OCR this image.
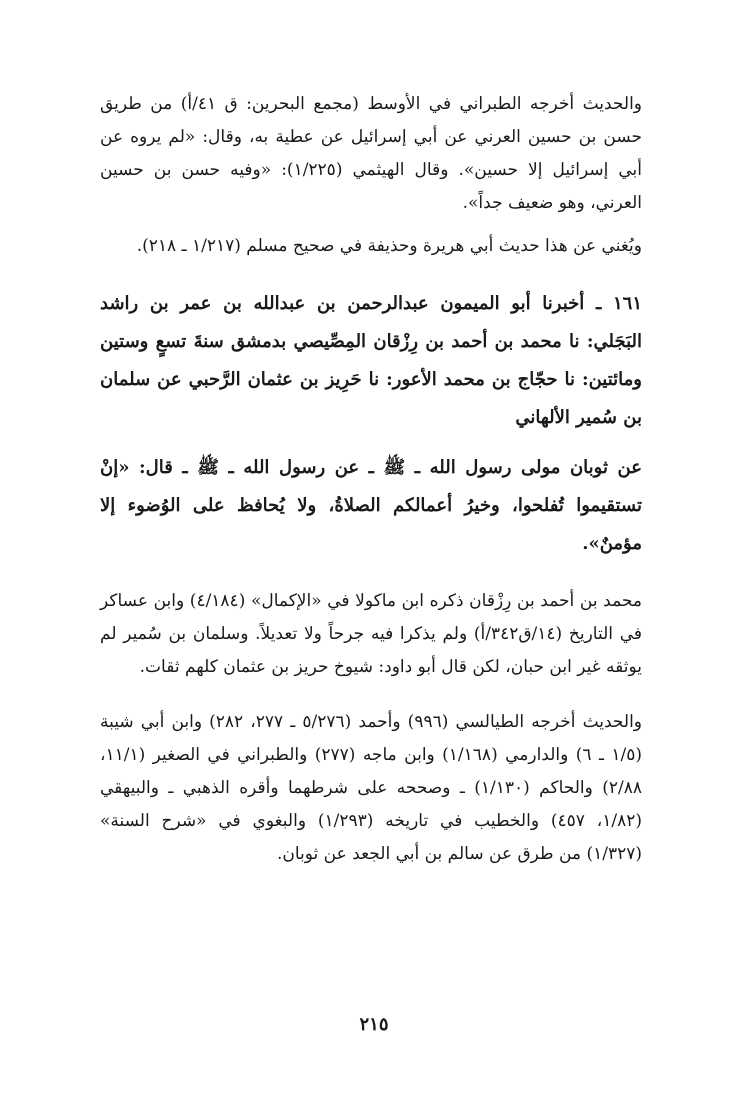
والحديث أخرجه الطبراني في الأوسط (مجمع البحرين: ق ٤١/أ) من طريق حسن بن حسين العرني عن أبي إسرائيل عن عطية به، وقال: «لم يروه عن أبي إسرائيل إلا حسين». وقال الهيثمي (١/٢٢٥): «وفيه حسن بن حسين العرني، وهو ضعيف جداً».

ويُغني عن هذا حديث أبي هريرة وحذيفة في صحيح مسلم (١/٢١٧ ـ ٢١٨).

١٦١ ـ أخبرنا أبو الميمون عبدالرحمن بن عبدالله بن عمر بن راشد البَجَلي: نا محمد بن أحمد بن رِزْقان المِصِّيصي بدمشق سنةَ تسعٍ وستين ومائتين: نا حجّاج بن محمد الأعور: نا حَرِيز بن عثمان الرَّحبي عن سلمان بن سُمير الألهاني

عن ثوبان مولى رسول الله ـ ﷺ ـ عن رسول الله ـ ﷺ ـ قال: «إنْ تستقيموا تُفلحوا، وخيرُ أعمالكم الصلاةُ، ولا يُحافظ على الوُضوء إلا مؤمنٌ».

محمد بن أحمد بن رِزْقان ذكره ابن ماكولا في «الإكمال» (٤/١٨٤) وابن عساكر في التاريخ (١٤/ق٣٤٢/أ) ولم يذكرا فيه جرحاً ولا تعديلاً. وسلمان بن سُمير لم يوثقه غير ابن حبان، لكن قال أبو داود: شيوخ حريز بن عثمان كلهم ثقات.

والحديث أخرجه الطيالسي (٩٩٦) وأحمد (٥/٢٧٦ ـ ٢٧٧، ٢٨٢) وابن أبي شيبة (١/٥ ـ ٦) والدارمي (١/١٦٨) وابن ماجه (٢٧٧) والطبراني في الصغير (١١/١، ٢/٨٨) والحاكم (١/١٣٠) ـ وصححه على شرطهما وأقره الذهبي ـ والبيهقي (١/٨٢، ٤٥٧) والخطيب في تاريخه (١/٢٩٣) والبغوي في «شرح السنة» (١/٣٢٧) من طرق عن سالم بن أبي الجعد عن ثوبان.

٢١٥
